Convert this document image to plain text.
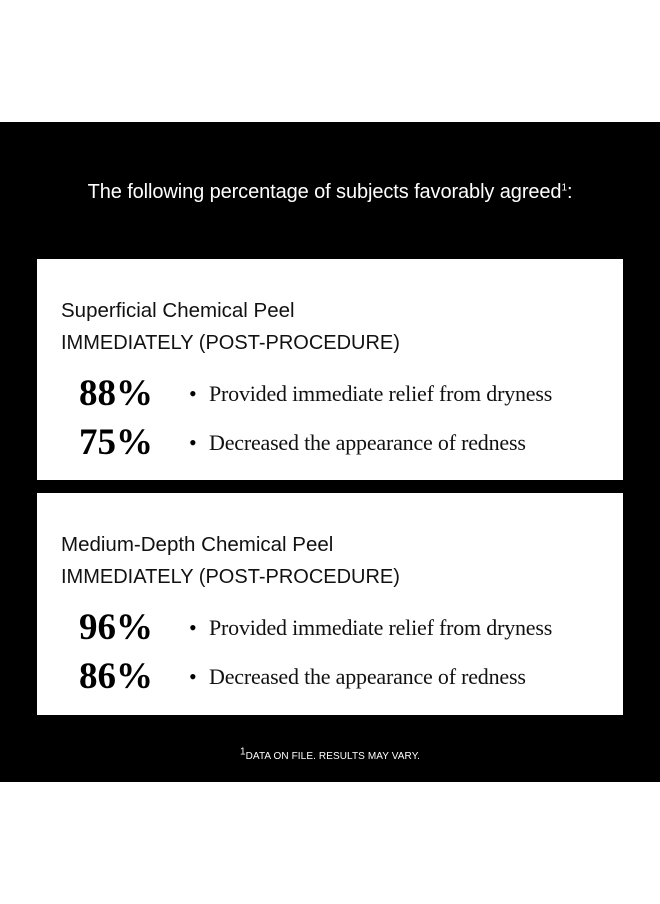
The following percentage of subjects favorably agreed$^1$:
Superficial Chemical Peel
IMMEDIATELY (POST-PROCEDURE)
88% • Provided immediate relief from dryness
75% • Decreased the appearance of redness
Medium-Depth Chemical Peel
IMMEDIATELY (POST-PROCEDURE)
96% • Provided immediate relief from dryness
86% • Decreased the appearance of redness
$^1$DATA ON FILE. RESULTS MAY VARY.
